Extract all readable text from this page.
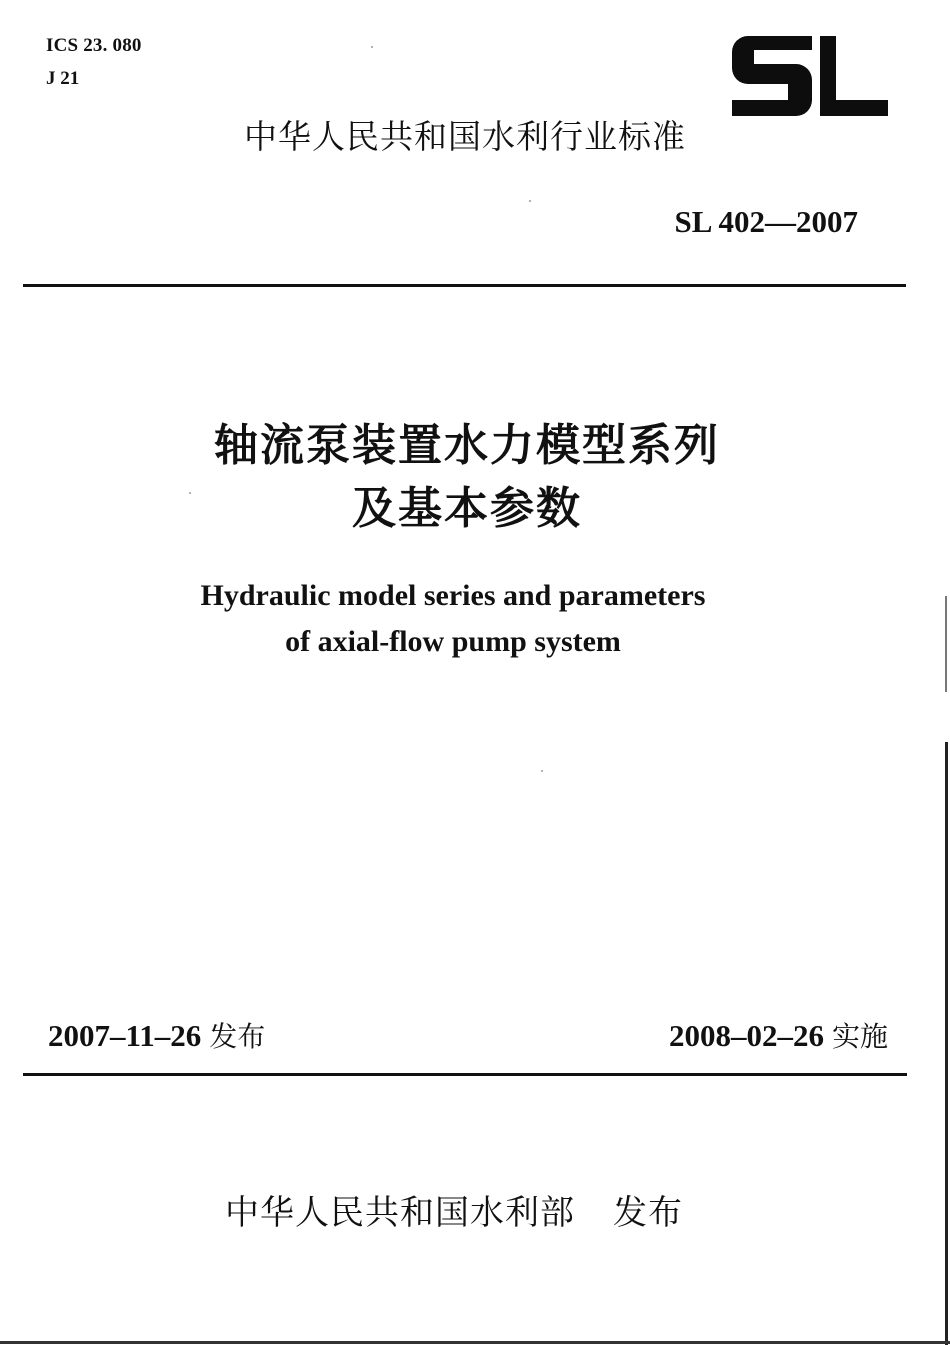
ICS 23. 080
J 21
中华人民共和国水利行业标准
SL 402—2007
轴流泵装置水力模型系列
及基本参数
Hydraulic model series and parameters
of axial-flow pump system
2007–11–26 发布	2008–02–26 实施
中华人民共和国水利部 发布
